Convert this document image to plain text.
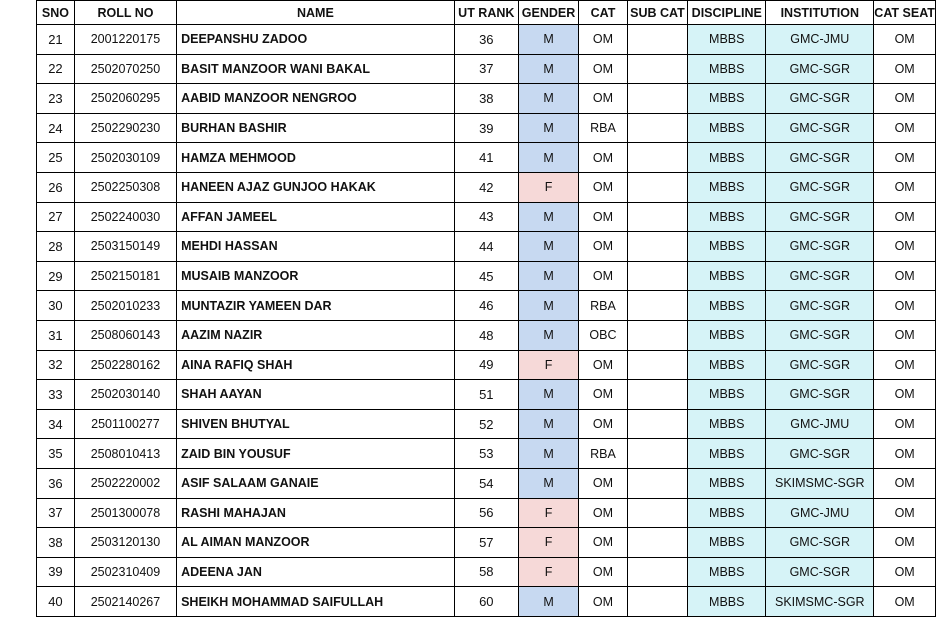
SNO	ROLL NO	NAME	UT RANK	GENDER	CAT	SUB CAT	DISCIPLINE	INSTITUTION	CAT SEAT
21	2001220175	DEEPANSHU ZADOO	36	M	OM		MBBS	GMC-JMU	OM
22	2502070250	BASIT MANZOOR WANI BAKAL	37	M	OM		MBBS	GMC-SGR	OM
23	2502060295	AABID MANZOOR NENGROO	38	M	OM		MBBS	GMC-SGR	OM
24	2502290230	BURHAN BASHIR	39	M	RBA		MBBS	GMC-SGR	OM
25	2502030109	HAMZA MEHMOOD	41	M	OM		MBBS	GMC-SGR	OM
26	2502250308	HANEEN AJAZ GUNJOO HAKAK	42	F	OM		MBBS	GMC-SGR	OM
27	2502240030	AFFAN JAMEEL	43	M	OM		MBBS	GMC-SGR	OM
28	2503150149	MEHDI HASSAN	44	M	OM		MBBS	GMC-SGR	OM
29	2502150181	MUSAIB MANZOOR	45	M	OM		MBBS	GMC-SGR	OM
30	2502010233	MUNTAZIR YAMEEN DAR	46	M	RBA		MBBS	GMC-SGR	OM
31	2508060143	AAZIM NAZIR	48	M	OBC		MBBS	GMC-SGR	OM
32	2502280162	AINA RAFIQ SHAH	49	F	OM		MBBS	GMC-SGR	OM
33	2502030140	SHAH AAYAN	51	M	OM		MBBS	GMC-SGR	OM
34	2501100277	SHIVEN BHUTYAL	52	M	OM		MBBS	GMC-JMU	OM
35	2508010413	ZAID BIN YOUSUF	53	M	RBA		MBBS	GMC-SGR	OM
36	2502220002	ASIF SALAAM GANAIE	54	M	OM		MBBS	SKIMSMC-SGR	OM
37	2501300078	RASHI MAHAJAN	56	F	OM		MBBS	GMC-JMU	OM
38	2503120130	AL AIMAN MANZOOR	57	F	OM		MBBS	GMC-SGR	OM
39	2502310409	ADEENA JAN	58	F	OM		MBBS	GMC-SGR	OM
40	2502140267	SHEIKH MOHAMMAD SAIFULLAH	60	M	OM		MBBS	SKIMSMC-SGR	OM
